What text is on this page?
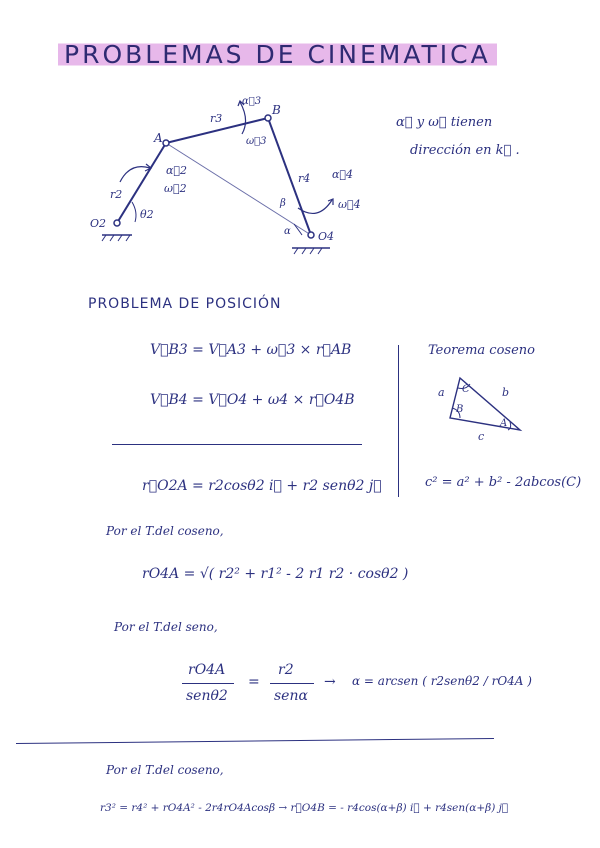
PROBLEMAS DE CINEMATICA
A
B
O2
O4
r2
r3
r4
α⃗2
ω⃗2
θ2
α⃗3
ω⃗3
α⃗4
ω⃗4
α
β
α⃗ y ω⃗ tienen
dirección en k⃗ .
PROBLEMA DE POSICIÓN
V⃗B3 = V⃗A3 + ω⃗3 × r⃗AB
V⃗B4 = V⃗O4 + ω4 × r⃗O4B
r⃗O2A = r2cosθ2 i⃗ + r2 senθ2 j⃗
Teorema coseno
a	b
c
C
B
A
c² = a² + b² - 2abcos(C)
Por el T.del coseno,
rO4A = √( r2² + r1² - 2 r1 r2 · cosθ2 )
Por el T.del seno,
rO4A
senθ2
=
r2
senα
→ α = arcsen ( r2senθ2 / rO4A )
Por el T.del coseno,
r3² = r4² + rO4A² - 2r4rO4Acosβ → r⃗O4B = - r4cos(α+β) i⃗ + r4sen(α+β) j⃗
